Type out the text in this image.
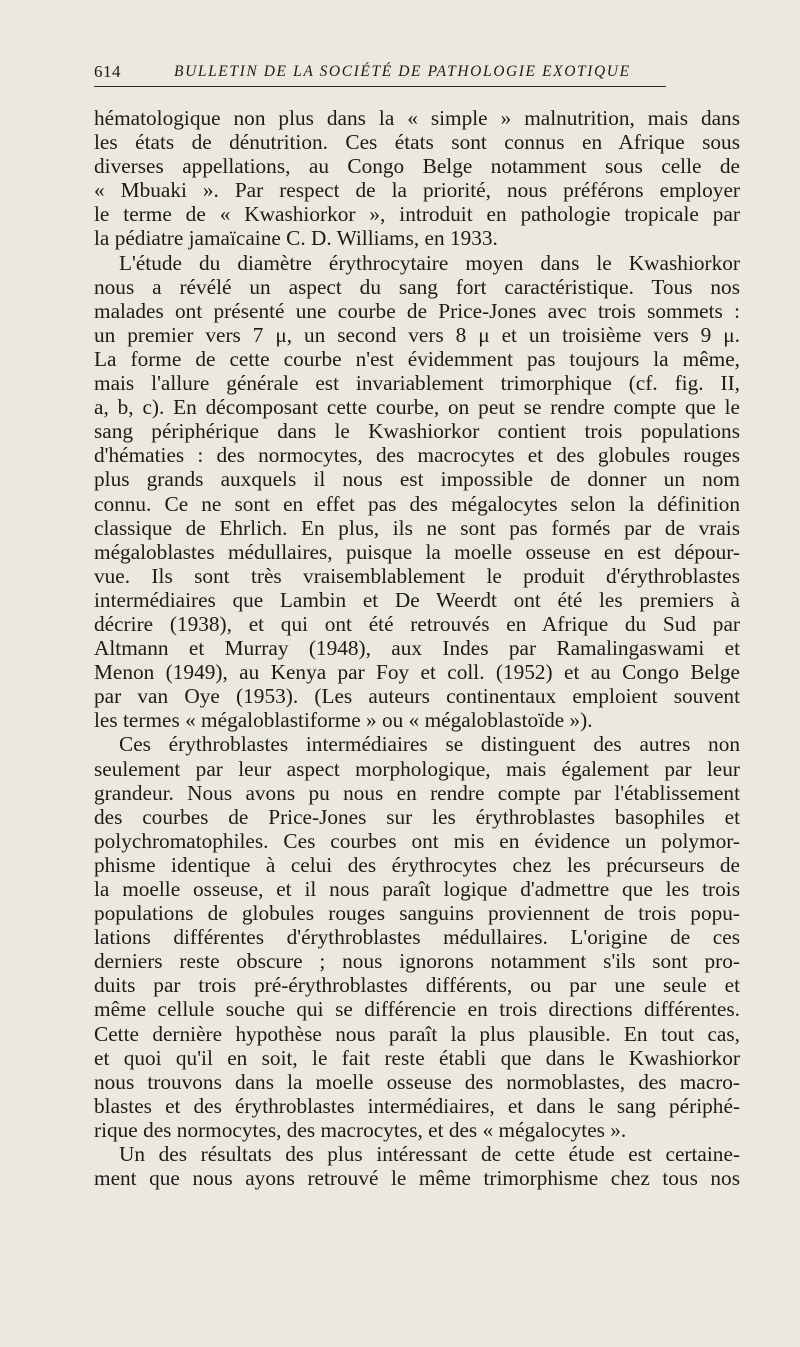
614	BULLETIN DE LA SOCIÉTÉ DE PATHOLOGIE EXOTIQUE
hématologique non plus dans la « simple » malnutrition, mais dans
les états de dénutrition. Ces états sont connus en Afrique sous
diverses appellations, au Congo Belge notamment sous celle de
« Mbuaki ». Par respect de la priorité, nous préférons employer
le terme de « Kwashiorkor », introduit en pathologie tropicale par
la pédiatre jamaïcaine C. D. Williams, en 1933.
L'étude du diamètre érythrocytaire moyen dans le Kwashiorkor
nous a révélé un aspect du sang fort caractéristique. Tous nos
malades ont présenté une courbe de Price-Jones avec trois sommets :
un premier vers 7 μ, un second vers 8 μ et un troisième vers 9 μ.
La forme de cette courbe n'est évidemment pas toujours la même,
mais l'allure générale est invariablement trimorphique (cf. fig. II,
a, b, c). En décomposant cette courbe, on peut se rendre compte que le
sang périphérique dans le Kwashiorkor contient trois populations
d'hématies : des normocytes, des macrocytes et des globules rouges
plus grands auxquels il nous est impossible de donner un nom
connu. Ce ne sont en effet pas des mégalocytes selon la définition
classique de Ehrlich. En plus, ils ne sont pas formés par de vrais
mégaloblastes médullaires, puisque la moelle osseuse en est dépour-
vue. Ils sont très vraisemblablement le produit d'érythroblastes
intermédiaires que Lambin et De Weerdt ont été les premiers à
décrire (1938), et qui ont été retrouvés en Afrique du Sud par
Altmann et Murray (1948), aux Indes par Ramalingaswami et
Menon (1949), au Kenya par Foy et coll. (1952) et au Congo Belge
par van Oye (1953). (Les auteurs continentaux emploient souvent
les termes « mégaloblastiforme » ou « mégaloblastoïde »).
Ces érythroblastes intermédiaires se distinguent des autres non
seulement par leur aspect morphologique, mais également par leur
grandeur. Nous avons pu nous en rendre compte par l'établissement
des courbes de Price-Jones sur les érythroblastes basophiles et
polychromatophiles. Ces courbes ont mis en évidence un polymor-
phisme identique à celui des érythrocytes chez les précurseurs de
la moelle osseuse, et il nous paraît logique d'admettre que les trois
populations de globules rouges sanguins proviennent de trois popu-
lations différentes d'érythroblastes médullaires. L'origine de ces
derniers reste obscure ; nous ignorons notamment s'ils sont pro-
duits par trois pré-érythroblastes différents, ou par une seule et
même cellule souche qui se différencie en trois directions différentes.
Cette dernière hypothèse nous paraît la plus plausible. En tout cas,
et quoi qu'il en soit, le fait reste établi que dans le Kwashiorkor
nous trouvons dans la moelle osseuse des normoblastes, des macro-
blastes et des érythroblastes intermédiaires, et dans le sang périphé-
rique des normocytes, des macrocytes, et des « mégalocytes ».
Un des résultats des plus intéressant de cette étude est certaine-
ment que nous ayons retrouvé le même trimorphisme chez tous nos
